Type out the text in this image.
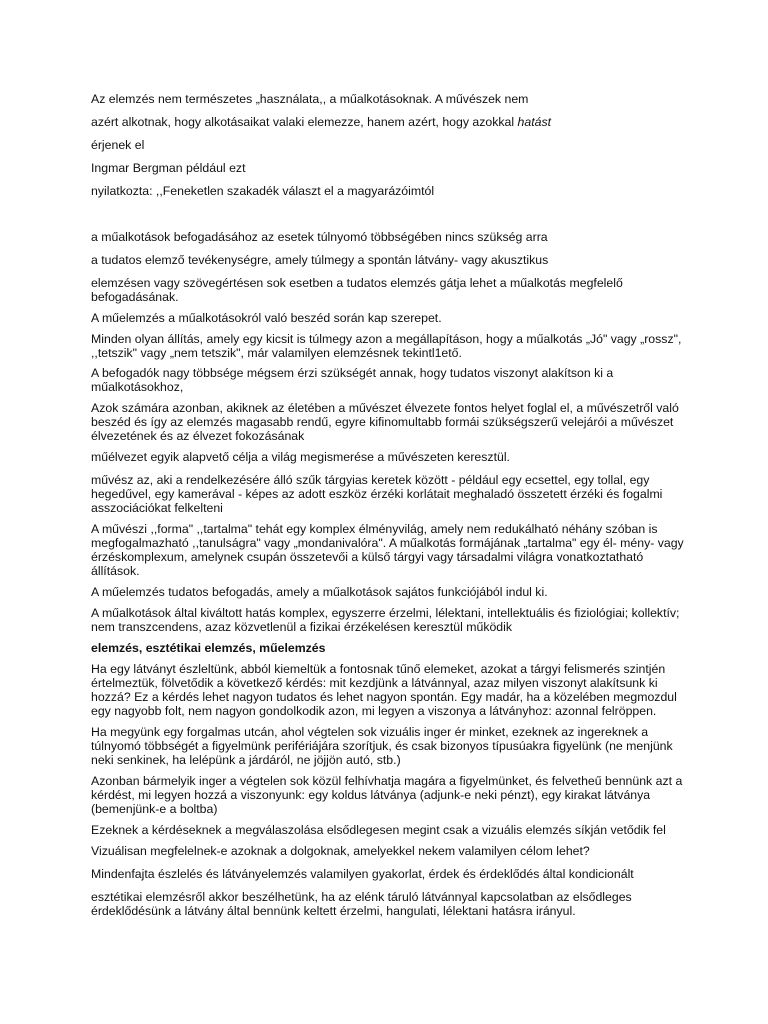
Az elemzés nem természetes „használata,, a műalkotásoknak. A művészek nem

azért alkotnak, hogy alkotásaikat valaki elemezze, hanem azért, hogy azokkal hatást

érjenek el

Ingmar Bergman például ezt

nyilatkozta: ,,Feneketlen szakadék választ el a magyarázóimtól

a műalkotások befogadásához az esetek túlnyomó többségében nincs szükség arra

a tudatos elemző tevékenységre, amely túlmegy a spontán látvány- vagy akusztikus

elemzésen vagy szövegértésen sok esetben a tudatos elemzés gátja lehet a műalkotás megfelelő befogadásának.

A műelemzés a műalkotásokról való beszéd során kap szerepet.

Minden olyan állítás, amely egy kicsit is túlmegy azon a megállapításon, hogy a műalkotás „Jó" vagy „rossz", ,,tetszik" vagy „nem tetszik", már valamilyen elemzésnek tekintl1ető.

A befogadók nagy többsége mégsem érzi szükségét annak, hogy tudatos viszonyt alakítson ki a műalkotásokhoz,

Azok számára azonban, akiknek az életében a művészet élvezete fontos helyet foglal el, a művészetről való beszéd és így az elemzés magasabb rendű, egyre kifinomultabb formái szükségszerű velejárói a művészet élvezetének és az élvezet fokozásának

műélvezet egyik alapvető célja a világ megismerése a művészeten keresztül.

művész az, aki a rendelkezésére álló szűk tárgyias keretek között - például egy ecsettel, egy tollal, egy hegedűvel, egy kamerával - képes az adott eszköz érzéki korlátait meghaladó összetett érzéki és fogalmi asszociációkat felkelteni

A művészi ,,forma" ,,tartalma" tehát egy komplex élményvilág, amely nem redukálható néhány szóban is megfogalmazható ,,tanulságra" vagy „mondanivalóra". A műalkotás formájának „tartalma" egy él- mény- vagy érzéskomplexum, amelynek csupán összetevői a külső tárgyi vagy társadalmi világra vonatkoztatható állítások.

A műelemzés tudatos befogadás, amely a műalkotások sajátos funkciójából indul ki.

A műalkotások által kiváltott hatás komplex, egyszerre érzelmi, lélektani, intellektuális és fiziológiai; kollektív; nem transzcendens, azaz közvetlenül a fizikai érzékelésen keresztül működik

elemzés, esztétikai elemzés, műelemzés

Ha egy látványt észleltünk, abból kiemeltük a fontosnak tűnő elemeket, azokat a tárgyi felismerés szintjén értelmeztük, fölvetődik a következő kérdés: mit kezdjünk a látvánnyal, azaz milyen viszonyt alakítsunk ki hozzá? Ez a kérdés lehet nagyon tudatos és lehet nagyon spontán. Egy madár, ha a közelében megmozdul egy nagyobb folt, nem nagyon gondolkodik azon, mi legyen a viszonya a látványhoz: azonnal felröppen.

Ha megyünk egy forgalmas utcán, ahol végtelen sok vizuális inger ér minket, ezeknek az ingereknek a túlnyomó többségét a figyelmünk perifériájára szorítjuk, és csak bizonyos típusúakra figyelünk (ne menjünk neki senkinek, ha lelépünk a járdáról, ne jöjjön autó, stb.)

Azonban bármelyik inger a végtelen sok közül felhívhatja magára a figyelmünket, és felvetheű bennünk azt a kérdést, mi legyen hozzá a viszonyunk: egy koldus látványa (adjunk-e neki pénzt), egy kirakat látványa (bemenjünk-e a boltba)

Ezeknek a kérdéseknek a megválaszolása elsődlegesen megint csak a vizuális elemzés síkján vetődik fel

Vizuálisan megfelelnek-e azoknak a dolgoknak, amelyekkel nekem valamilyen célom lehet?

Mindenfajta észlelés és látványelemzés valamilyen gyakorlat, érdek és érdeklődés által kondicionált

esztétikai elemzésről akkor beszélhetünk, ha az elénk táruló látvánnyal kapcsolatban az elsődleges érdeklődésünk a látvány által bennünk keltett érzelmi, hangulati, lélektani hatásra irányul.
